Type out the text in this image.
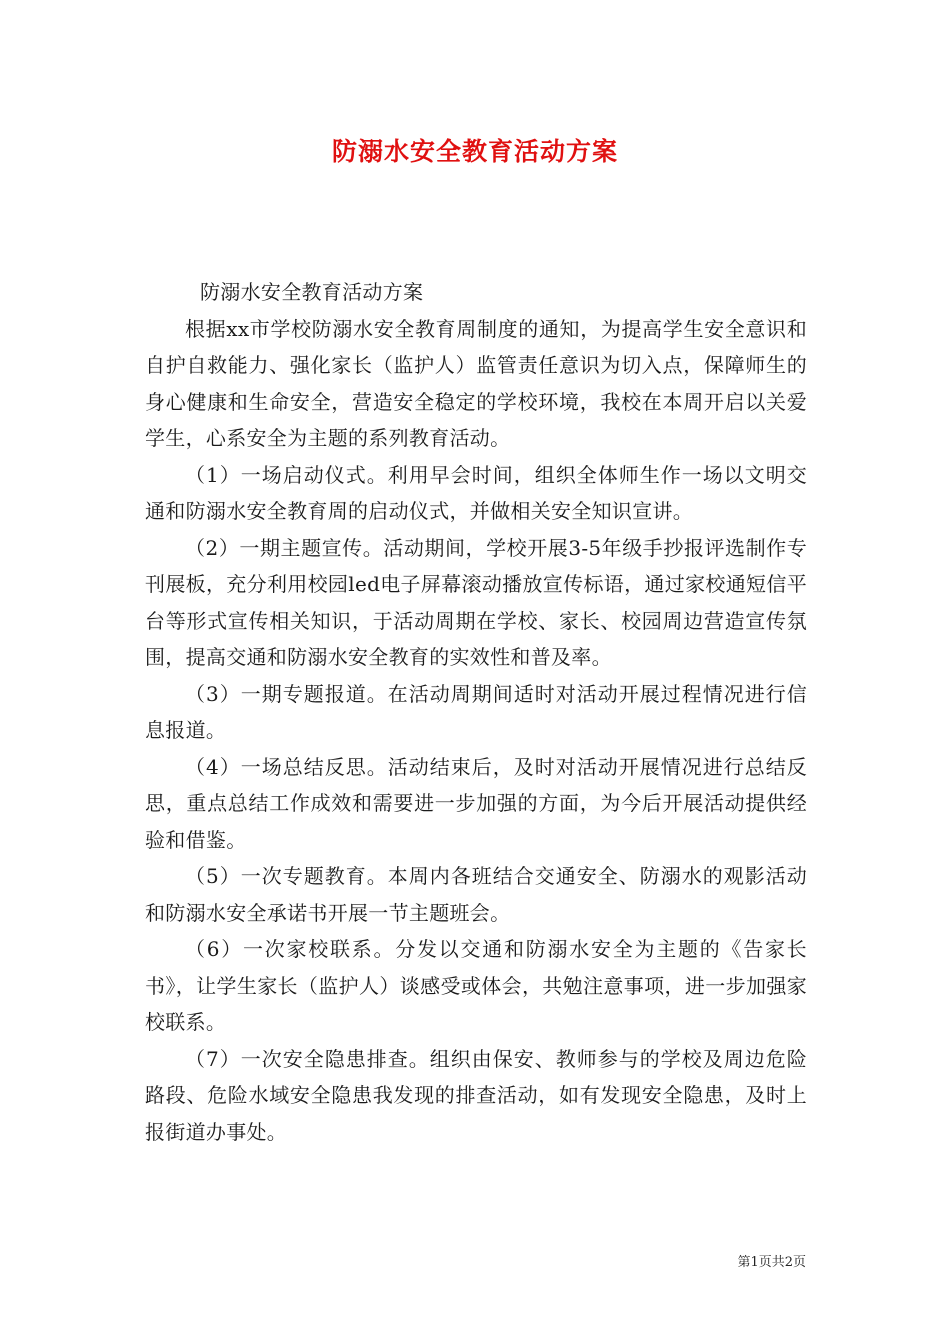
防溺水安全教育活动方案

防溺水安全教育活动方案

根据xx市学校防溺水安全教育周制度的通知，为提高学生安全意识和自护自救能力、强化家长（监护人）监管责任意识为切入点，保障师生的身心健康和生命安全，营造安全稳定的学校环境，我校在本周开启以关爱学生，心系安全为主题的系列教育活动。

（1）一场启动仪式。利用早会时间，组织全体师生作一场以文明交通和防溺水安全教育周的启动仪式，并做相关安全知识宣讲。

（2）一期主题宣传。活动期间，学校开展3-5年级手抄报评选制作专刊展板，充分利用校园led电子屏幕滚动播放宣传标语，通过家校通短信平台等形式宣传相关知识，于活动周期在学校、家长、校园周边营造宣传氛围，提高交通和防溺水安全教育的实效性和普及率。

（3）一期专题报道。在活动周期间适时对活动开展过程情况进行信息报道。

（4）一场总结反思。活动结束后，及时对活动开展情况进行总结反思，重点总结工作成效和需要进一步加强的方面，为今后开展活动提供经验和借鉴。

（5）一次专题教育。本周内各班结合交通安全、防溺水的观影活动和防溺水安全承诺书开展一节主题班会。

（6）一次家校联系。分发以交通和防溺水安全为主题的《告家长书》，让学生家长（监护人）谈感受或体会，共勉注意事项，进一步加强家校联系。

（7）一次安全隐患排查。组织由保安、教师参与的学校及周边危险路段、危险水域安全隐患我发现的排查活动，如有发现安全隐患，及时上报街道办事处。

第1页共2页
